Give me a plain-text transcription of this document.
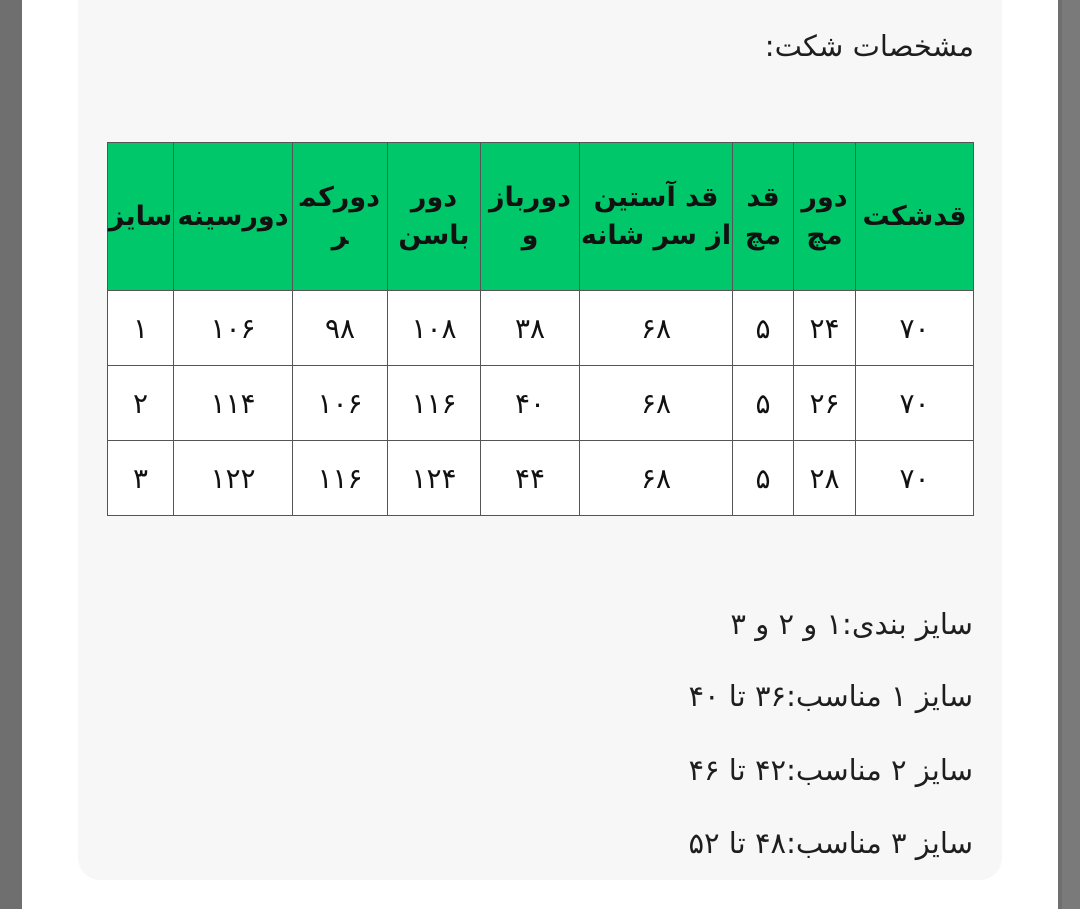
مشخصات شکت:
قدشکت	دور مچ	قد مچ	قد آستین از سر شانه	دوربازو	دور باسن	دورکمر	دورسینه	سایز
۷۰	۲۴	۵	۶۸	۳۸	۱۰۸	۹۸	۱۰۶	۱
۷۰	۲۶	۵	۶۸	۴۰	۱۱۶	۱۰۶	۱۱۴	۲
۷۰	۲۸	۵	۶۸	۴۴	۱۲۴	۱۱۶	۱۲۲	۳

سایز بندی:۱ و ۲ و ۳

سایز ۱ مناسب:۳۶ تا ۴۰

سایز ۲ مناسب:۴۲ تا ۴۶

سایز ۳ مناسب:۴۸ تا ۵۲
